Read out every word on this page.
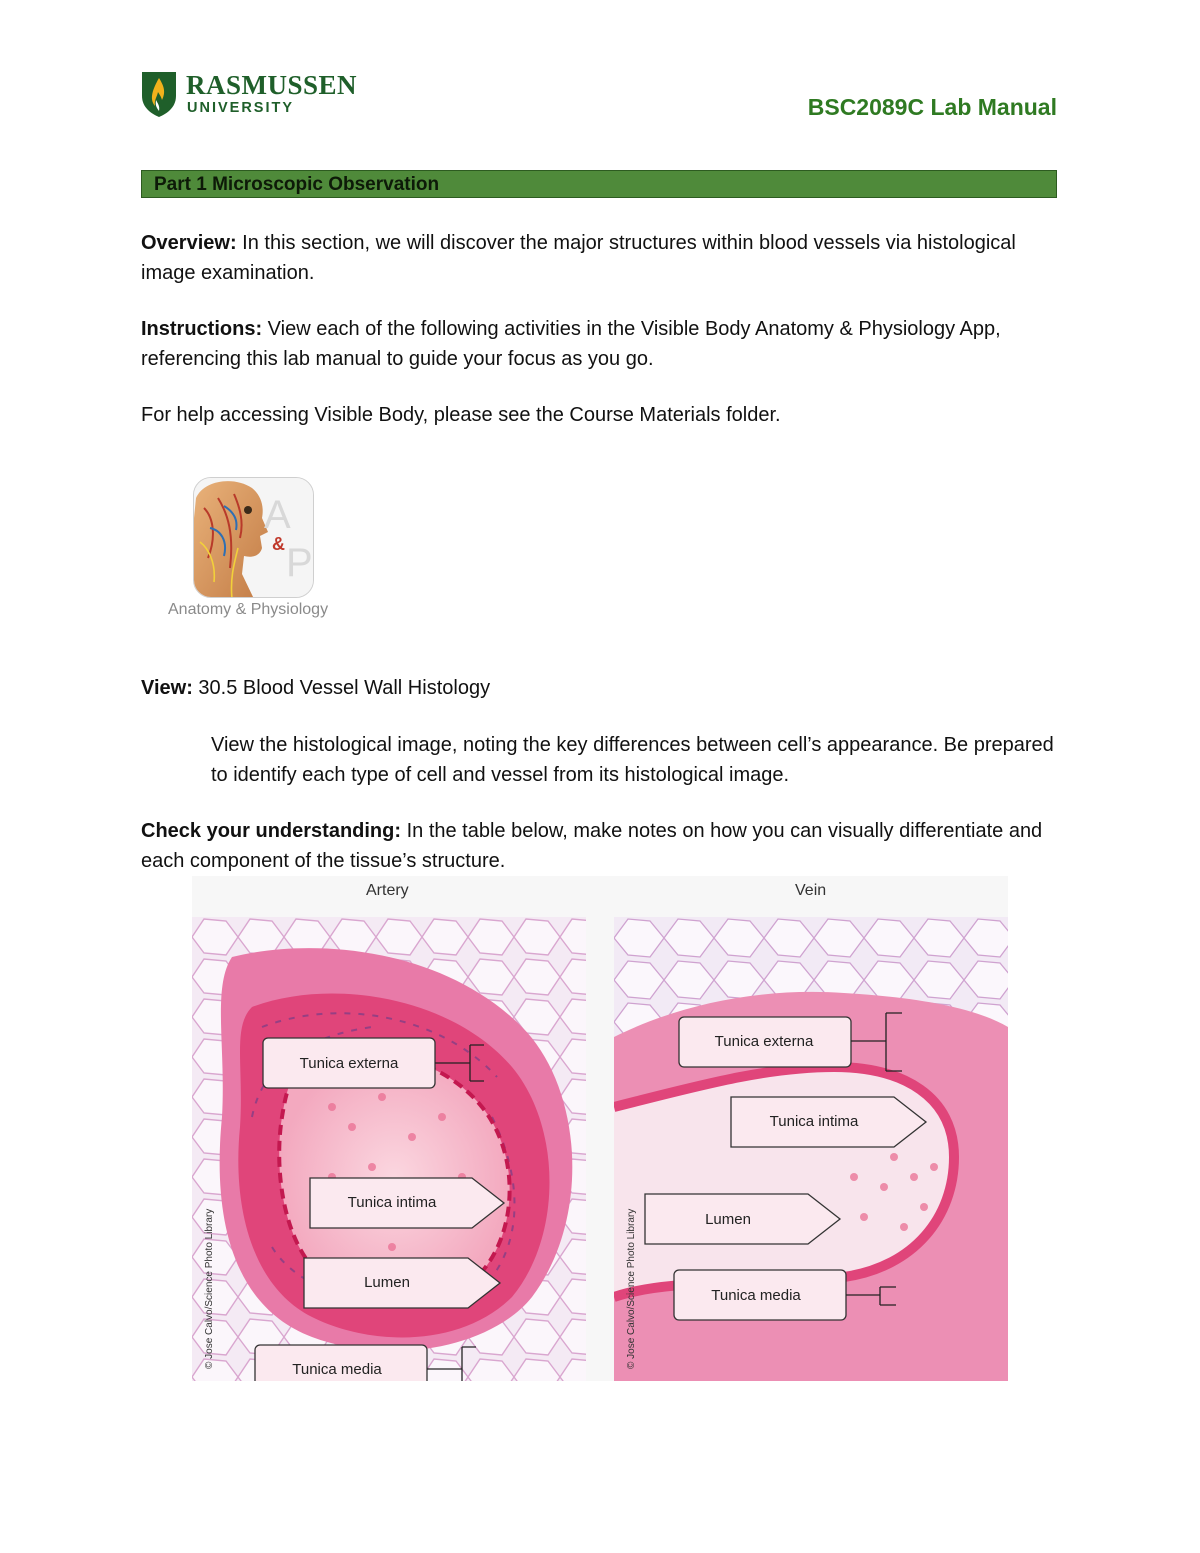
RASMUSSEN
UNIVERSITY	BSC2089C Lab Manual
Part 1 Microscopic Observation
Overview: In this section, we will discover the major structures within blood vessels via histological image examination.
Instructions: View each of the following activities in the Visible Body Anatomy & Physiology App, referencing this lab manual to guide your focus as you go.
For help accessing Visible Body, please see the Course Materials folder.
A
& P
Anatomy & Physiology
View: 30.5 Blood Vessel Wall Histology
View the histological image, noting the key differences between cell’s appearance. Be prepared to identify each type of cell and vessel from its histological image.
Check your understanding: In the table below, make notes on how you can visually differentiate and each component of the tissue’s structure.
Artery	Vein
Tunica externa
Tunica intima
Lumen
Tunica media
© Jose Calvo/Science Photo Library
Tunica externa
Tunica intima
Lumen
Tunica media
© Jose Calvo/Science Photo Library
